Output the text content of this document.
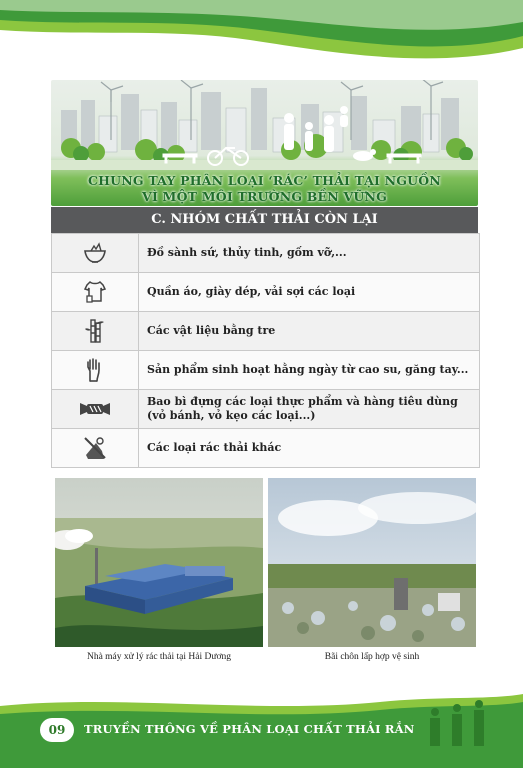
CHUNG TAY PHÂN LOẠI ‘RÁC’ THẢI TẠI NGUỒN
VÌ MỘT MÔI TRƯỜNG BỀN VỮNG
C. NHÓM CHẤT THẢI CÒN LẠI
Đồ sành sứ, thủy tinh, gốm vỡ,...
Quần áo, giày dép, vải sợi các loại
Các vật liệu bằng tre
Sản phẩm sinh hoạt hằng ngày từ cao su, găng tay...
Bao bì đựng các loại thực phẩm và hàng tiêu dùng (vỏ bánh, vỏ kẹo các loại...)
Các loại rác thải khác
Nhà máy xử lý rác thải tại Hải Dương	Bãi chôn lấp hợp vệ sinh
09	TRUYỀN THÔNG VỀ PHÂN LOẠI CHẤT THẢI RẮN
